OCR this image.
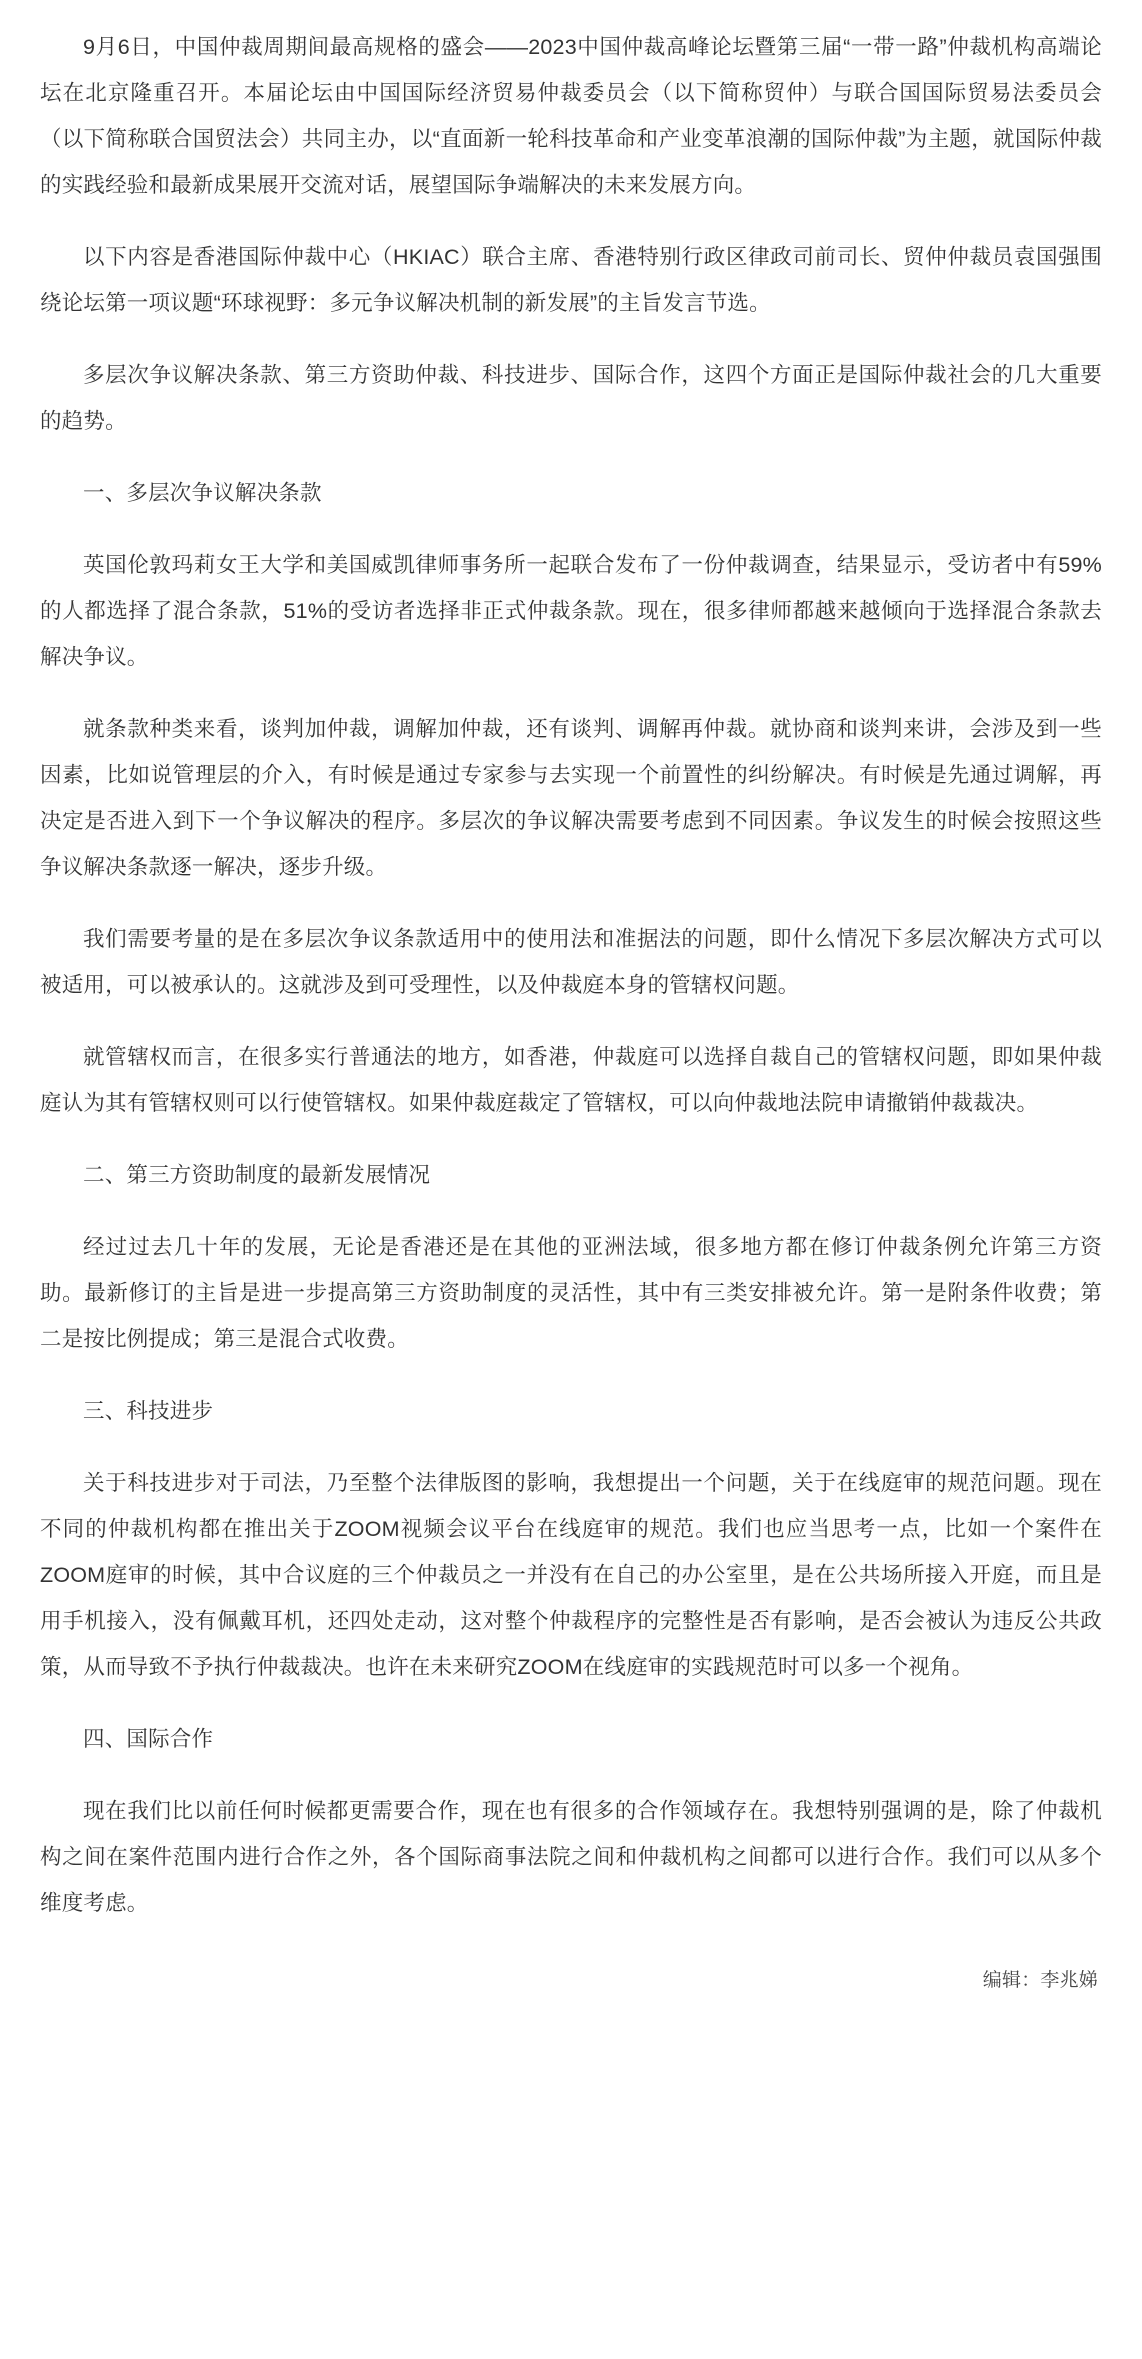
9月6日，中国仲裁周期间最高规格的盛会——2023中国仲裁高峰论坛暨第三届“一带一路”仲裁机构高端论坛在北京隆重召开。本届论坛由中国国际经济贸易仲裁委员会（以下简称贸仲）与联合国国际贸易法委员会（以下简称联合国贸法会）共同主办，以“直面新一轮科技革命和产业变革浪潮的国际仲裁”为主题，就国际仲裁的实践经验和最新成果展开交流对话，展望国际争端解决的未来发展方向。

以下内容是香港国际仲裁中心（HKIAC）联合主席、香港特别行政区律政司前司长、贸仲仲裁员袁国强围绕论坛第一项议题“环球视野：多元争议解决机制的新发展”的主旨发言节选。

多层次争议解决条款、第三方资助仲裁、科技进步、国际合作，这四个方面正是国际仲裁社会的几大重要的趋势。

一、多层次争议解决条款

英国伦敦玛莉女王大学和美国威凯律师事务所一起联合发布了一份仲裁调查，结果显示，受访者中有59%的人都选择了混合条款，51%的受访者选择非正式仲裁条款。现在，很多律师都越来越倾向于选择混合条款去解决争议。

就条款种类来看，谈判加仲裁，调解加仲裁，还有谈判、调解再仲裁。就协商和谈判来讲，会涉及到一些因素，比如说管理层的介入，有时候是通过专家参与去实现一个前置性的纠纷解决。有时候是先通过调解，再决定是否进入到下一个争议解决的程序。多层次的争议解决需要考虑到不同因素。争议发生的时候会按照这些争议解决条款逐一解决，逐步升级。

我们需要考量的是在多层次争议条款适用中的使用法和准据法的问题，即什么情况下多层次解决方式可以被适用，可以被承认的。这就涉及到可受理性，以及仲裁庭本身的管辖权问题。

就管辖权而言，在很多实行普通法的地方，如香港，仲裁庭可以选择自裁自己的管辖权问题，即如果仲裁庭认为其有管辖权则可以行使管辖权。如果仲裁庭裁定了管辖权，可以向仲裁地法院申请撤销仲裁裁决。

二、第三方资助制度的最新发展情况

经过过去几十年的发展，无论是香港还是在其他的亚洲法域，很多地方都在修订仲裁条例允许第三方资助。最新修订的主旨是进一步提高第三方资助制度的灵活性，其中有三类安排被允许。第一是附条件收费；第二是按比例提成；第三是混合式收费。

三、科技进步

关于科技进步对于司法，乃至整个法律版图的影响，我想提出一个问题，关于在线庭审的规范问题。现在不同的仲裁机构都在推出关于ZOOM视频会议平台在线庭审的规范。我们也应当思考一点，比如一个案件在ZOOM庭审的时候，其中合议庭的三个仲裁员之一并没有在自己的办公室里，是在公共场所接入开庭，而且是用手机接入，没有佩戴耳机，还四处走动，这对整个仲裁程序的完整性是否有影响，是否会被认为违反公共政策，从而导致不予执行仲裁裁决。也许在未来研究ZOOM在线庭审的实践规范时可以多一个视角。

四、国际合作

现在我们比以前任何时候都更需要合作，现在也有很多的合作领域存在。我想特别强调的是，除了仲裁机构之间在案件范围内进行合作之外，各个国际商事法院之间和仲裁机构之间都可以进行合作。我们可以从多个维度考虑。

编辑：李兆娣
